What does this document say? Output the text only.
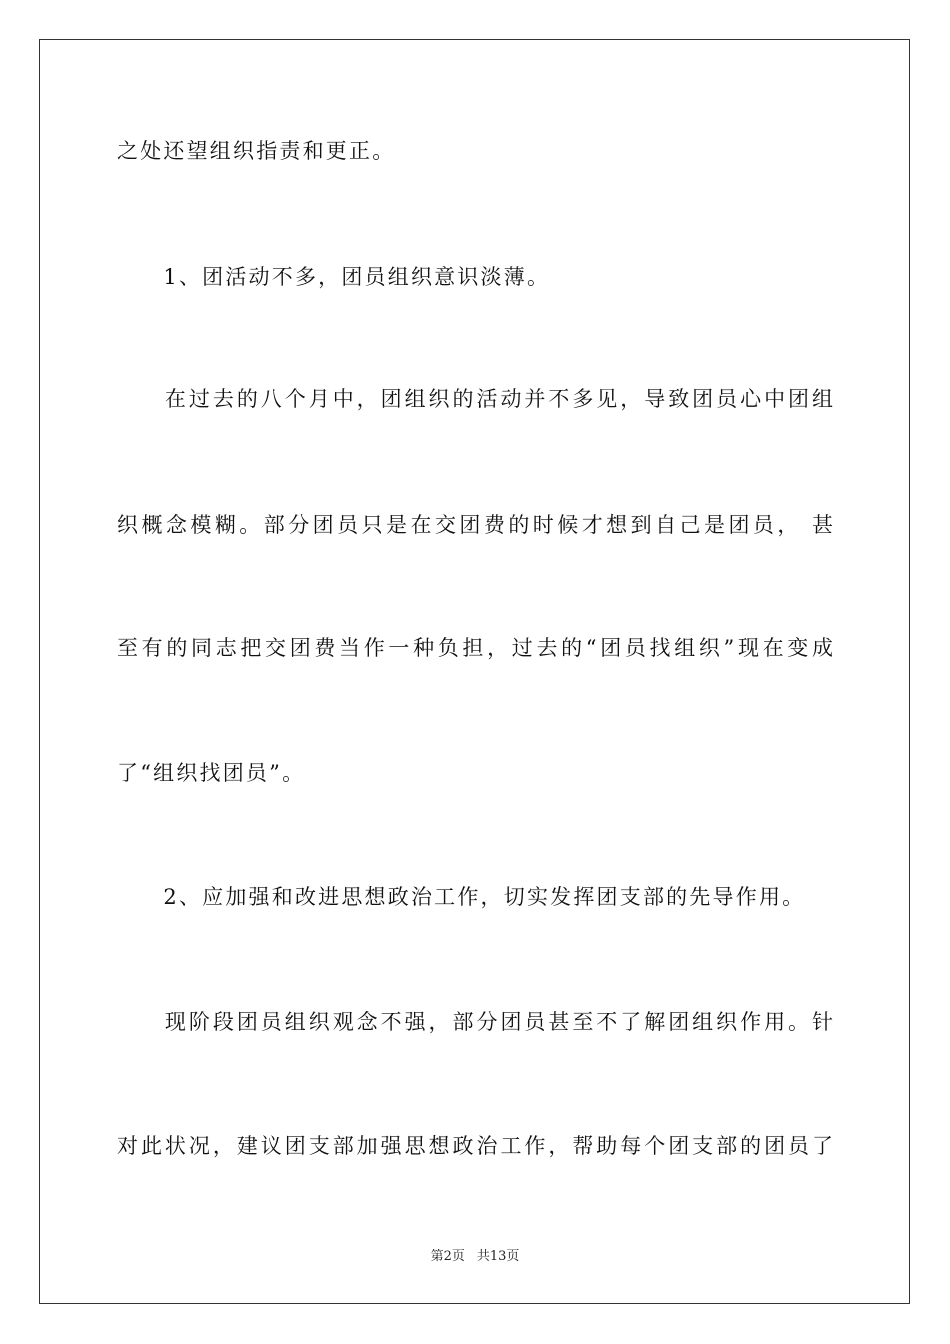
之处还望组织指责和更正。
　　1、团活动不多，团员组织意识淡薄。
　　在过去的八个月中，团组织的活动并不多见，导致团员心中团组
织概念模糊。部分团员只是在交团费的时候才想到自己是团员， 甚
至有的同志把交团费当作一种负担，过去的“团员找组织”现在变成
了“组织找团员”。
　　2、应加强和改进思想政治工作，切实发挥团支部的先导作用。
　　现阶段团员组织观念不强，部分团员甚至不了解团组织作用。针
对此状况，建议团支部加强思想政治工作，帮助每个团支部的团员了
第2页 共13页
